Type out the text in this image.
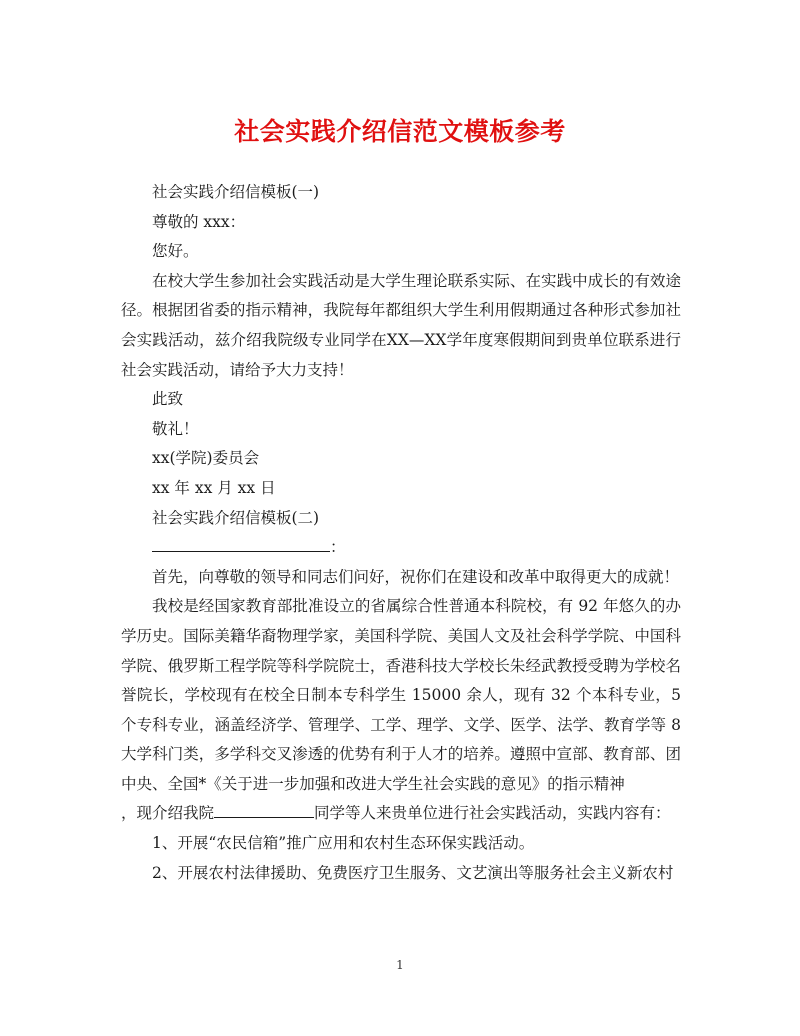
社会实践介绍信范文模板参考

社会实践介绍信模板(一)

尊敬的 xxx：

您好。

在校大学生参加社会实践活动是大学生理论联系实际、在实践中成长的有效途径。根据团省委的指示精神，我院每年都组织大学生利用假期通过各种形式参加社会实践活动，兹介绍我院级专业同学在XX—XX学年度寒假期间到贵单位联系进行社会实践活动，请给予大力支持！

此致

敬礼！

xx(学院)委员会

xx 年 xx 月 xx 日

社会实践介绍信模板(二)

：

首先，向尊敬的领导和同志们问好，祝你们在建设和改革中取得更大的成就！

我校是经国家教育部批准设立的省属综合性普通本科院校，有 92 年悠久的办学历史。国际美籍华裔物理学家，美国科学院、美国人文及社会科学学院、中国科学院、俄罗斯工程学院等科学院院士，香港科技大学校长朱经武教授受聘为学校名誉院长，学校现有在校全日制本专科学生 15000 余人，现有 32 个本科专业，5 个专科专业，涵盖经济学、管理学、工学、理学、文学、医学、法学、教育学等 8 大学科门类，多学科交叉渗透的优势有利于人才的培养。遵照中宣部、教育部、团中央、全国*《关于进一步加强和改进大学生社会实践的意见》的指示精神

，现介绍我院	同学等人来贵单位进行社会实践活动，实践内容有：

1、开展“农民信箱”推广应用和农村生态环保实践活动。

2、开展农村法律援助、免费医疗卫生服务、文艺演出等服务社会主义新农村

1
